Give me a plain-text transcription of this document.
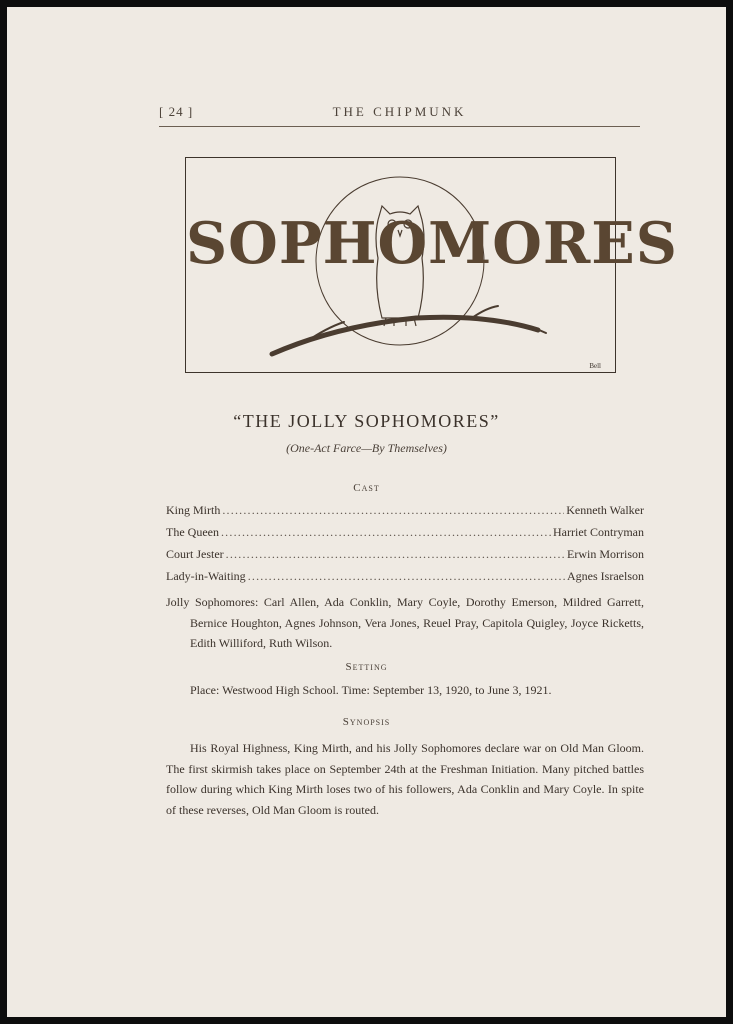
[ 24 ]	THE CHIPMUNK
SOPHOMORES
Bell
“THE JOLLY SOPHOMORES”
(One-Act Farce—By Themselves)
Cast
King Mirth .....	Kenneth Walker
The Queen .....	Harriet Contryman
Court Jester .....	Erwin Morrison
Lady-in-Waiting .....	Agnes Israelson
Jolly Sophomores: Carl Allen, Ada Conklin, Mary Coyle, Dorothy Emerson, Mildred Garrett, Bernice Houghton, Agnes Johnson, Vera Jones, Reuel Pray, Capitola Quigley, Joyce Ricketts, Edith Williford, Ruth Wilson.
Setting
Place: Westwood High School. Time: September 13, 1920, to June 3, 1921.
Synopsis
His Royal Highness, King Mirth, and his Jolly Sophomores declare war on Old Man Gloom. The first skirmish takes place on September 24th at the Freshman Initiation. Many pitched battles follow during which King Mirth loses two of his followers, Ada Conklin and Mary Coyle. In spite of these reverses, Old Man Gloom is routed.
